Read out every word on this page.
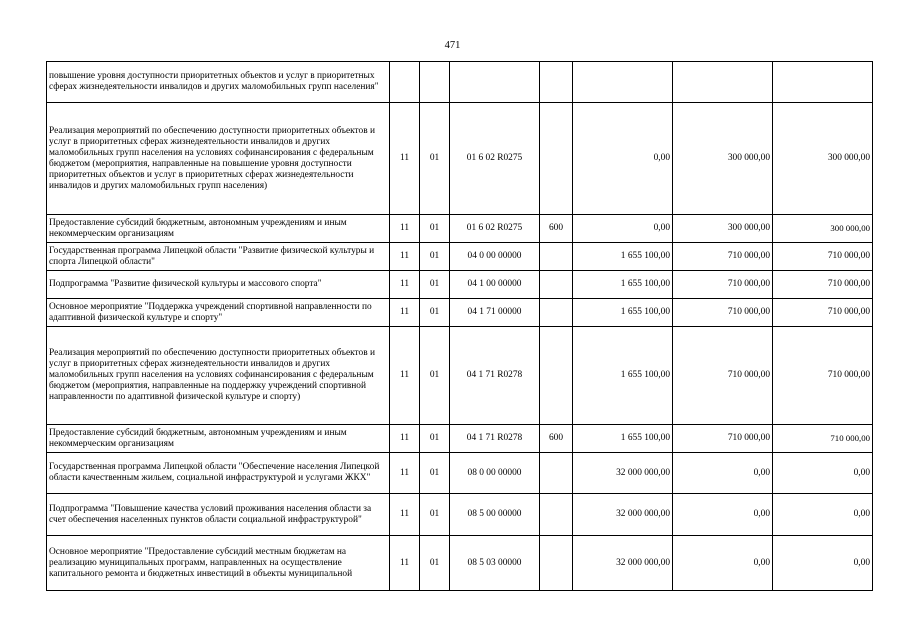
471
повышение уровня доступности приоритетных объектов и услуг в приоритетных сферах жизнедеятельности инвалидов и других маломобильных групп населения"							
Реализация мероприятий по обеспечению доступности приоритетных объектов и услуг в приоритетных сферах жизнедеятельности инвалидов и других маломобильных групп населения на условиях софинансирования с федеральным бюджетом (мероприятия, направленные на повышение уровня доступности приоритетных объектов и услуг в приоритетных сферах жизнедеятельности инвалидов и других маломобильных групп населения)	11	01	01 6 02 R0275		0,00	300 000,00	300 000,00
Предоставление субсидий бюджетным, автономным учреждениям и иным некоммерческим организациям	11	01	01 6 02 R0275	600	0,00	300 000,00	300 000,00
Государственная программа Липецкой области "Развитие физической культуры и спорта Липецкой области"	11	01	04 0 00 00000		1 655 100,00	710 000,00	710 000,00
Подпрограмма "Развитие физической культуры и массового спорта"	11	01	04 1 00 00000		1 655 100,00	710 000,00	710 000,00
Основное мероприятие "Поддержка учреждений спортивной направленности по адаптивной физической культуре и спорту"	11	01	04 1 71 00000		1 655 100,00	710 000,00	710 000,00
Реализация мероприятий по обеспечению доступности приоритетных объектов и услуг в приоритетных сферах жизнедеятельности инвалидов и других маломобильных групп населения на условиях софинансирования с федеральным бюджетом (мероприятия, направленные на поддержку учреждений спортивной направленности по адаптивной физической культуре и спорту)	11	01	04 1 71 R0278		1 655 100,00	710 000,00	710 000,00
Предоставление субсидий бюджетным, автономным учреждениям и иным некоммерческим организациям	11	01	04 1 71 R0278	600	1 655 100,00	710 000,00	710 000,00
Государственная программа Липецкой области "Обеспечение населения Липецкой области качественным жильем, социальной инфраструктурой и услугами ЖКХ"	11	01	08 0 00 00000		32 000 000,00	0,00	0,00
Подпрограмма "Повышение качества условий проживания населения области за счет обеспечения населенных пунктов области социальной инфраструктурой"	11	01	08 5 00 00000		32 000 000,00	0,00	0,00
Основное мероприятие "Предоставление субсидий местным бюджетам на реализацию муниципальных программ, направленных на осуществление капитального ремонта и бюджетных инвестиций в объекты муниципальной	11	01	08 5 03 00000		32 000 000,00	0,00	0,00
